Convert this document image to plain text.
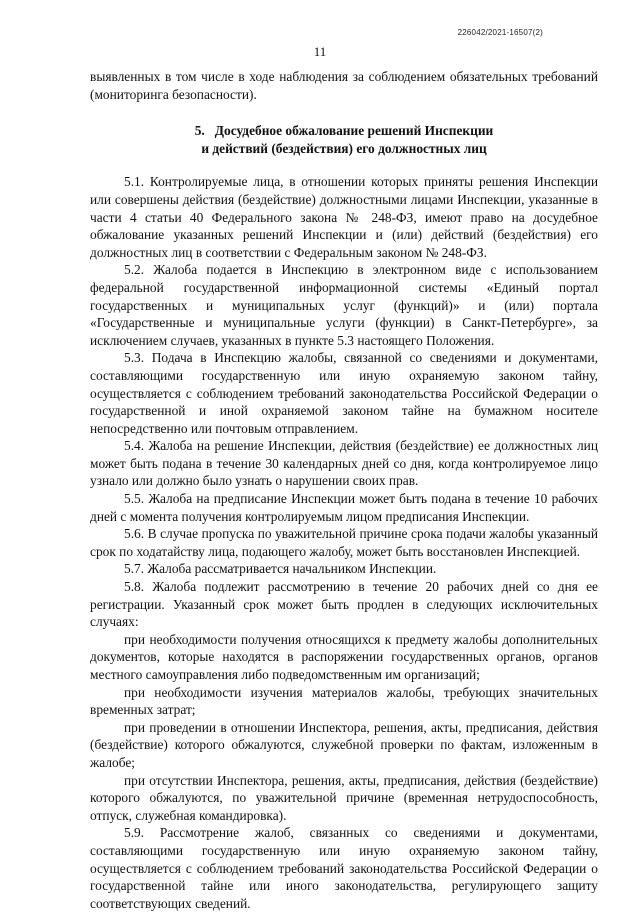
226042/2021-16507(2)
11

выявленных в том числе в ходе наблюдения за соблюдением обязательных требований (мониторинга безопасности).

5. Досудебное обжалование решений Инспекции
и действий (бездействия) его должностных лиц

5.1. Контролируемые лица, в отношении которых приняты решения Инспекции или совершены действия (бездействие) должностными лицами Инспекции, указанные в части 4 статьи 40 Федерального закона № 248-ФЗ, имеют право на досудебное обжалование указанных решений Инспекции и (или) действий (бездействия) его должностных лиц в соответствии с Федеральным законом № 248-ФЗ.

5.2. Жалоба подается в Инспекцию в электронном виде с использованием федеральной государственной информационной системы «Единый портал государственных и муниципальных услуг (функций)» и (или) портала «Государственные и муниципальные услуги (функции) в Санкт-Петербурге», за исключением случаев, указанных в пункте 5.3 настоящего Положения.

5.3. Подача в Инспекцию жалобы, связанной со сведениями и документами, составляющими государственную или иную охраняемую законом тайну, осуществляется с соблюдением требований законодательства Российской Федерации о государственной и иной охраняемой законом тайне на бумажном носителе непосредственно или почтовым отправлением.

5.4. Жалоба на решение Инспекции, действия (бездействие) ее должностных лиц может быть подана в течение 30 календарных дней со дня, когда контролируемое лицо узнало или должно было узнать о нарушении своих прав.

5.5. Жалоба на предписание Инспекции может быть подана в течение 10 рабочих дней с момента получения контролируемым лицом предписания Инспекции.

5.6. В случае пропуска по уважительной причине срока подачи жалобы указанный срок по ходатайству лица, подающего жалобу, может быть восстановлен Инспекцией.

5.7. Жалоба рассматривается начальником Инспекции.

5.8. Жалоба подлежит рассмотрению в течение 20 рабочих дней со дня ее регистрации. Указанный срок может быть продлен в следующих исключительных случаях:

при необходимости получения относящихся к предмету жалобы дополнительных документов, которые находятся в распоряжении государственных органов, органов местного самоуправления либо подведомственным им организаций;

при необходимости изучения материалов жалобы, требующих значительных временных затрат;

при проведении в отношении Инспектора, решения, акты, предписания, действия (бездействие) которого обжалуются, служебной проверки по фактам, изложенным в жалобе;

при отсутствии Инспектора, решения, акты, предписания, действия (бездействие) которого обжалуются, по уважительной причине (временная нетрудоспособность, отпуск, служебная командировка).

5.9. Рассмотрение жалоб, связанных со сведениями и документами, составляющими государственную или иную охраняемую законом тайну, осуществляется с соблюдением требований законодательства Российской Федерации о государственной тайне или иного законодательства, регулирующего защиту соответствующих сведений.
